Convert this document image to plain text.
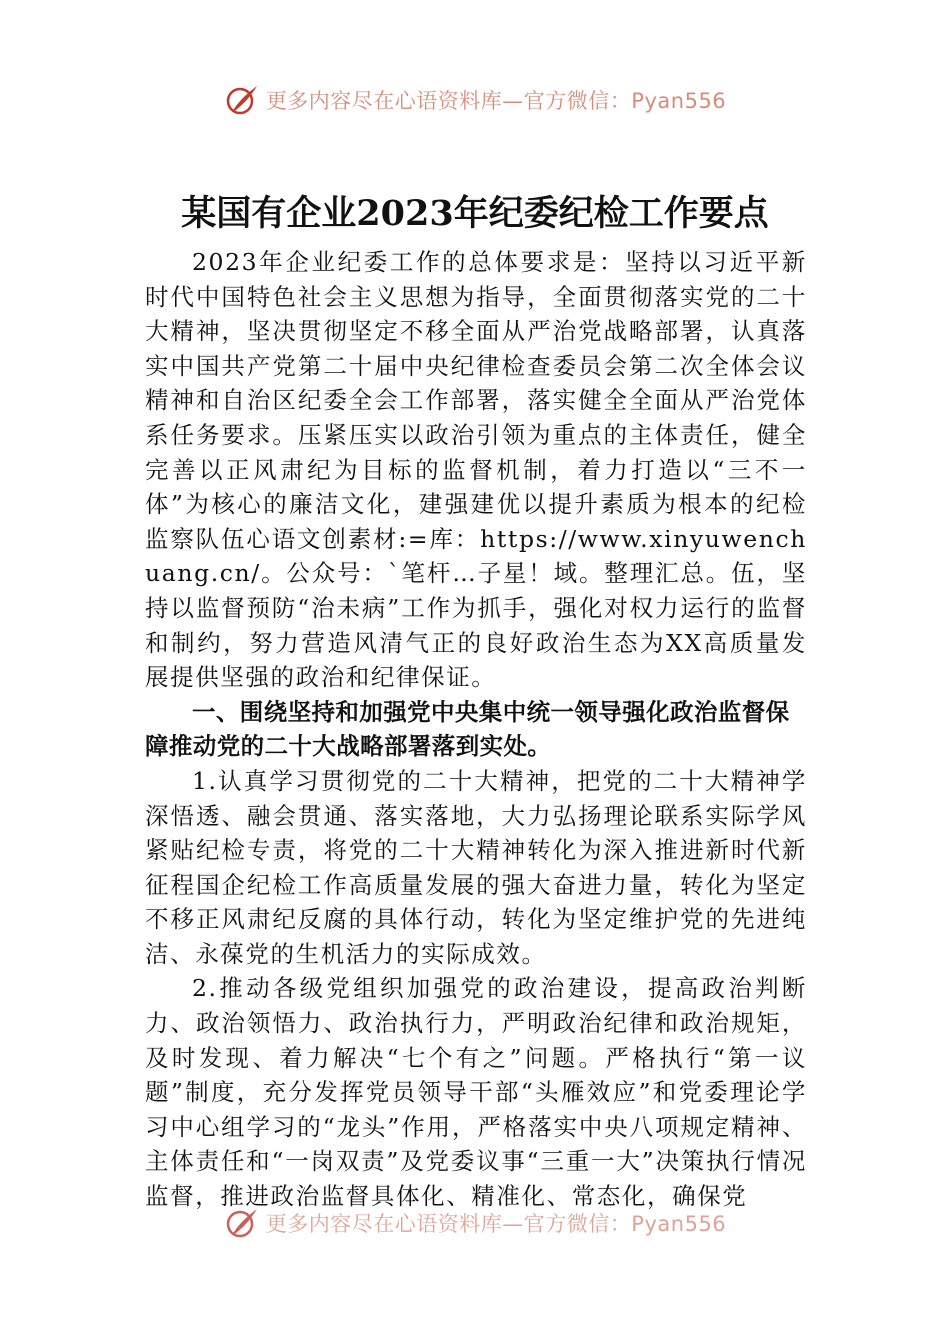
更多内容尽在心语资料库—官方微信：Pyan556
某国有企业2023年纪委纪检工作要点

2023年企业纪委工作的总体要求是：坚持以习近平新时代中国特色社会主义思想为指导，全面贯彻落实党的二十大精神，坚决贯彻坚定不移全面从严治党战略部署，认真落实中国共产党第二十届中央纪律检查委员会第二次全体会议精神和自治区纪委全会工作部署，落实健全全面从严治党体系任务要求。压紧压实以政治引领为重点的主体责任，健全完善以正风肃纪为目标的监督机制，着力打造以“三不一体”为核心的廉洁文化，建强建优以提升素质为根本的纪检监察队伍心语文创素材:=库：https://www.xinyuwenchuang.cn/。公众号：`笔杆…子星！域。整理汇总。伍，坚持以监督预防“治未病”工作为抓手，强化对权力运行的监督和制约，努力营造风清气正的良好政治生态为XX高质量发展提供坚强的政治和纪律保证。

一、围绕坚持和加强党中央集中统一领导强化政治监督保障推动党的二十大战略部署落到实处。

1.认真学习贯彻党的二十大精神，把党的二十大精神学深悟透、融会贯通、落实落地，大力弘扬理论联系实际学风紧贴纪检专责，将党的二十大精神转化为深入推进新时代新征程国企纪检工作高质量发展的强大奋进力量，转化为坚定不移正风肃纪反腐的具体行动，转化为坚定维护党的先进纯洁、永葆党的生机活力的实际成效。

2.推动各级党组织加强党的政治建设，提高政治判断力、政治领悟力、政治执行力，严明政治纪律和政治规矩，及时发现、着力解决“七个有之”问题。严格执行“第一议题”制度，充分发挥党员领导干部“头雁效应”和党委理论学习中心组学习的“龙头”作用，严格落实中央八项规定精神、主体责任和“一岗双责”及党委议事“三重一大”决策执行情况监督，推进政治监督具体化、精准化、常态化，确保党

更多内容尽在心语资料库—官方微信：Pyan556
